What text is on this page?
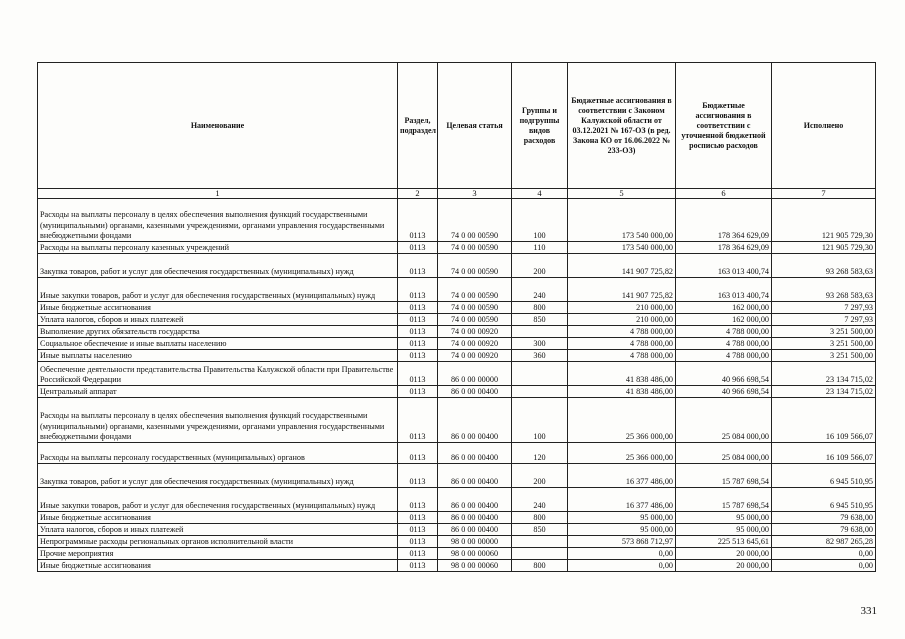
Наименование	Раздел, подраздел	Целевая статья	Группы и подгруппы видов расходов	Бюджетные ассигнования в соответствии с Законом Калужской области от 03.12.2021 № 167-ОЗ (в ред. Закона КО от 16.06.2022 № 233-ОЗ)	Бюджетные ассигнования в соответствии с уточненной бюджетной росписью расходов	Исполнено
1	2	3	4	5	6	7
Расходы на выплаты персоналу в целях обеспечения выполнения функций государственными (муниципальными) органами, казенными учреждениями, органами управления государственными внебюджетными фондами	0113	74 0 00 00590	100	173 540 000,00	178 364 629,09	121 905 729,30
Расходы на выплаты персоналу казенных учреждений	0113	74 0 00 00590	110	173 540 000,00	178 364 629,09	121 905 729,30
Закупка товаров, работ и услуг для обеспечения государственных (муниципальных) нужд	0113	74 0 00 00590	200	141 907 725,82	163 013 400,74	93 268 583,63
Иные закупки товаров, работ и услуг для обеспечения государственных (муниципальных) нужд	0113	74 0 00 00590	240	141 907 725,82	163 013 400,74	93 268 583,63
Иные бюджетные ассигнования	0113	74 0 00 00590	800	210 000,00	162 000,00	7 297,93
Уплата налогов, сборов и иных платежей	0113	74 0 00 00590	850	210 000,00	162 000,00	7 297,93
Выполнение других обязательств государства	0113	74 0 00 00920		4 788 000,00	4 788 000,00	3 251 500,00
Социальное обеспечение и иные выплаты населению	0113	74 0 00 00920	300	4 788 000,00	4 788 000,00	3 251 500,00
Иные выплаты населению	0113	74 0 00 00920	360	4 788 000,00	4 788 000,00	3 251 500,00
Обеспечение деятельности представительства Правительства Калужской области при Правительстве Российской Федерации	0113	86 0 00 00000		41 838 486,00	40 966 698,54	23 134 715,02
Центральный аппарат	0113	86 0 00 00400		41 838 486,00	40 966 698,54	23 134 715,02
Расходы на выплаты персоналу в целях обеспечения выполнения функций государственными (муниципальными) органами, казенными учреждениями, органами управления государственными внебюджетными фондами	0113	86 0 00 00400	100	25 366 000,00	25 084 000,00	16 109 566,07
Расходы на выплаты персоналу государственных (муниципальных) органов	0113	86 0 00 00400	120	25 366 000,00	25 084 000,00	16 109 566,07
Закупка товаров, работ и услуг для обеспечения государственных (муниципальных) нужд	0113	86 0 00 00400	200	16 377 486,00	15 787 698,54	6 945 510,95
Иные закупки товаров, работ и услуг для обеспечения государственных (муниципальных) нужд	0113	86 0 00 00400	240	16 377 486,00	15 787 698,54	6 945 510,95
Иные бюджетные ассигнования	0113	86 0 00 00400	800	95 000,00	95 000,00	79 638,00
Уплата налогов, сборов и иных платежей	0113	86 0 00 00400	850	95 000,00	95 000,00	79 638,00
Непрограммные расходы региональных органов исполнительной власти	0113	98 0 00 00000		573 868 712,97	225 513 645,61	82 987 265,28
Прочие мероприятия	0113	98 0 00 00060		0,00	20 000,00	0,00
Иные бюджетные ассигнования	0113	98 0 00 00060	800	0,00	20 000,00	0,00
331
